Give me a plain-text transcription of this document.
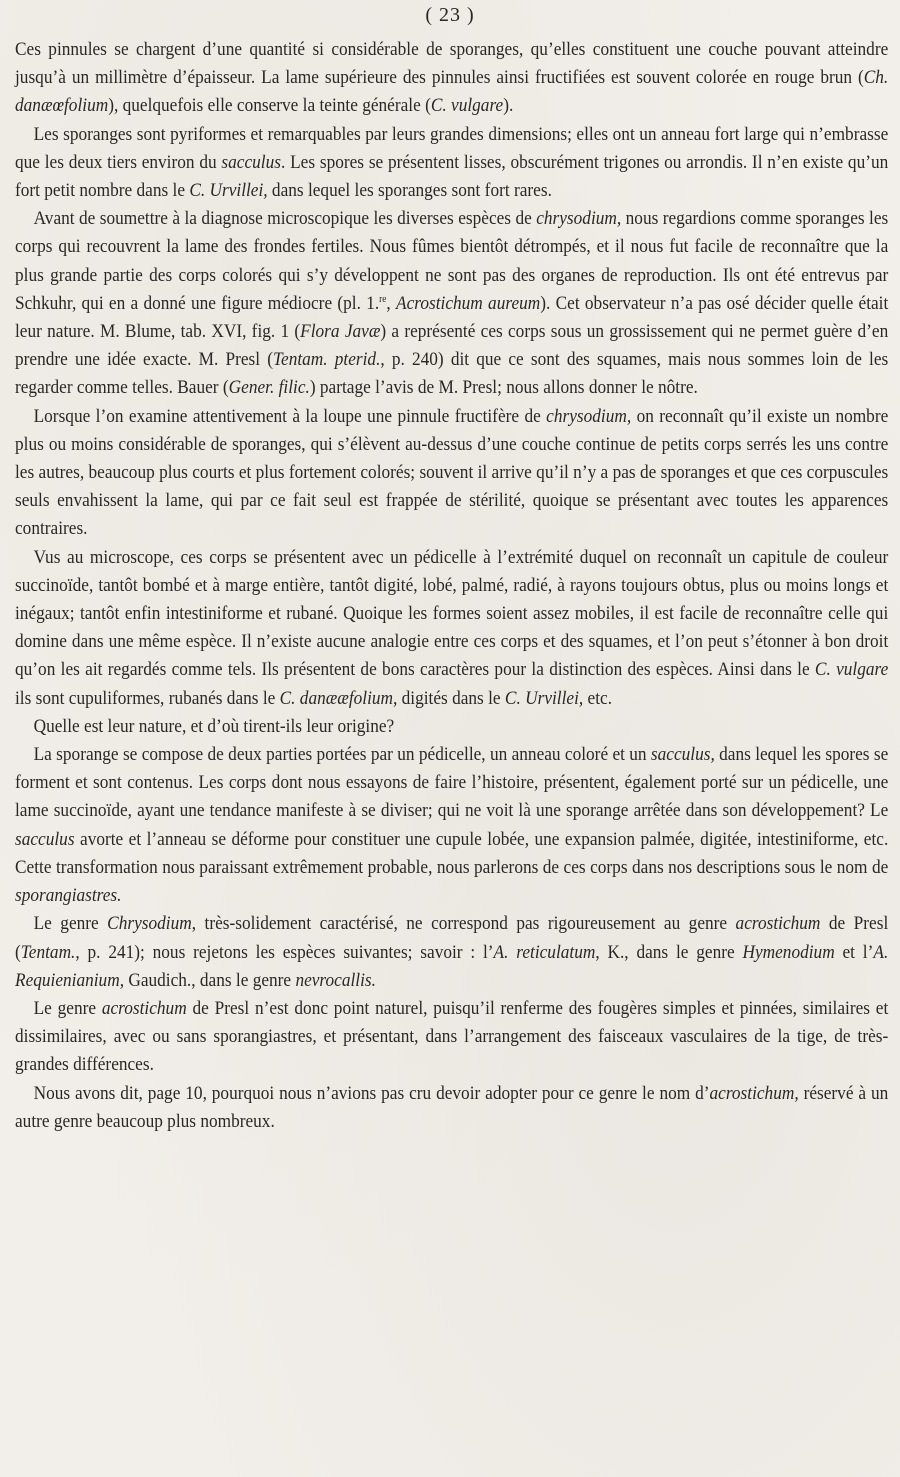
( 23 )

Ces pinnules se chargent d’une quantité si considérable de sporanges, qu’elles constituent une couche pouvant atteindre jusqu’à un millimètre d’épaisseur. La lame supérieure des pinnules ainsi fructifiées est souvent colorée en rouge brun (Ch. danæœfolium), quelquefois elle conserve la teinte générale (C. vulgare).

Les sporanges sont pyriformes et remarquables par leurs grandes dimensions; elles ont un anneau fort large qui n’embrasse que les deux tiers environ du sacculus. Les spores se présentent lisses, obscurément trigones ou arrondis. Il n’en existe qu’un fort petit nombre dans le C. Urvillei, dans lequel les sporanges sont fort rares.

Avant de soumettre à la diagnose microscopique les diverses espèces de chrysodium, nous regardions comme sporanges les corps qui recouvrent la lame des frondes fertiles. Nous fûmes bientôt détrompés, et il nous fut facile de reconnaître que la plus grande partie des corps colorés qui s’y développent ne sont pas des organes de reproduction. Ils ont été entrevus par Schkuhr, qui en a donné une figure médiocre (pl. 1.$^{re}$, Acrostichum aureum). Cet observateur n’a pas osé décider quelle était leur nature. M. Blume, tab. XVI, fig. 1 (Flora Javæ) a représenté ces corps sous un grossissement qui ne permet guère d’en prendre une idée exacte. M. Presl (Tentam. pterid., p. 240) dit que ce sont des squames, mais nous sommes loin de les regarder comme telles. Bauer (Gener. filic.) partage l’avis de M. Presl; nous allons donner le nôtre.

Lorsque l’on examine attentivement à la loupe une pinnule fructifère de chrysodium, on reconnaît qu’il existe un nombre plus ou moins considérable de sporanges, qui s’élèvent au-dessus d’une couche continue de petits corps serrés les uns contre les autres, beaucoup plus courts et plus fortement colorés; souvent il arrive qu’il n’y a pas de sporanges et que ces corpuscules seuls envahissent la lame, qui par ce fait seul est frappée de stérilité, quoique se présentant avec toutes les apparences contraires.

Vus au microscope, ces corps se présentent avec un pédicelle à l’extrémité duquel on reconnaît un capitule de couleur succinoïde, tantôt bombé et à marge entière, tantôt digité, lobé, palmé, radié, à rayons toujours obtus, plus ou moins longs et inégaux; tantôt enfin intestiniforme et rubané. Quoique les formes soient assez mobiles, il est facile de reconnaître celle qui domine dans une même espèce. Il n’existe aucune analogie entre ces corps et des squames, et l’on peut s’étonner à bon droit qu’on les ait regardés comme tels. Ils présentent de bons caractères pour la distinction des espèces. Ainsi dans le C. vulgare ils sont cupuliformes, rubanés dans le C. danææfolium, digités dans le C. Urvillei, etc.

Quelle est leur nature, et d’où tirent-ils leur origine?

La sporange se compose de deux parties portées par un pédicelle, un anneau coloré et un sacculus, dans lequel les spores se forment et sont contenus. Les corps dont nous essayons de faire l’histoire, présentent, également porté sur un pédicelle, une lame succinoïde, ayant une tendance manifeste à se diviser; qui ne voit là une sporange arrêtée dans son développement? Le sacculus avorte et l’anneau se déforme pour constituer une cupule lobée, une expansion palmée, digitée, intestiniforme, etc. Cette transformation nous paraissant extrêmement probable, nous parlerons de ces corps dans nos descriptions sous le nom de sporangiastres.

Le genre Chrysodium, très-solidement caractérisé, ne correspond pas rigoureusement au genre acrostichum de Presl (Tentam., p. 241); nous rejetons les espèces suivantes; savoir : l’A. reticulatum, K., dans le genre Hymenodium et l’A. Requienianium, Gaudich., dans le genre nevrocallis.

Le genre acrostichum de Presl n’est donc point naturel, puisqu’il renferme des fougères simples et pinnées, similaires et dissimilaires, avec ou sans sporangiastres, et présentant, dans l’arrangement des faisceaux vasculaires de la tige, de très-grandes différences.

Nous avons dit, page 10, pourquoi nous n’avions pas cru devoir adopter pour ce genre le nom d’acrostichum, réservé à un autre genre beaucoup plus nombreux.
